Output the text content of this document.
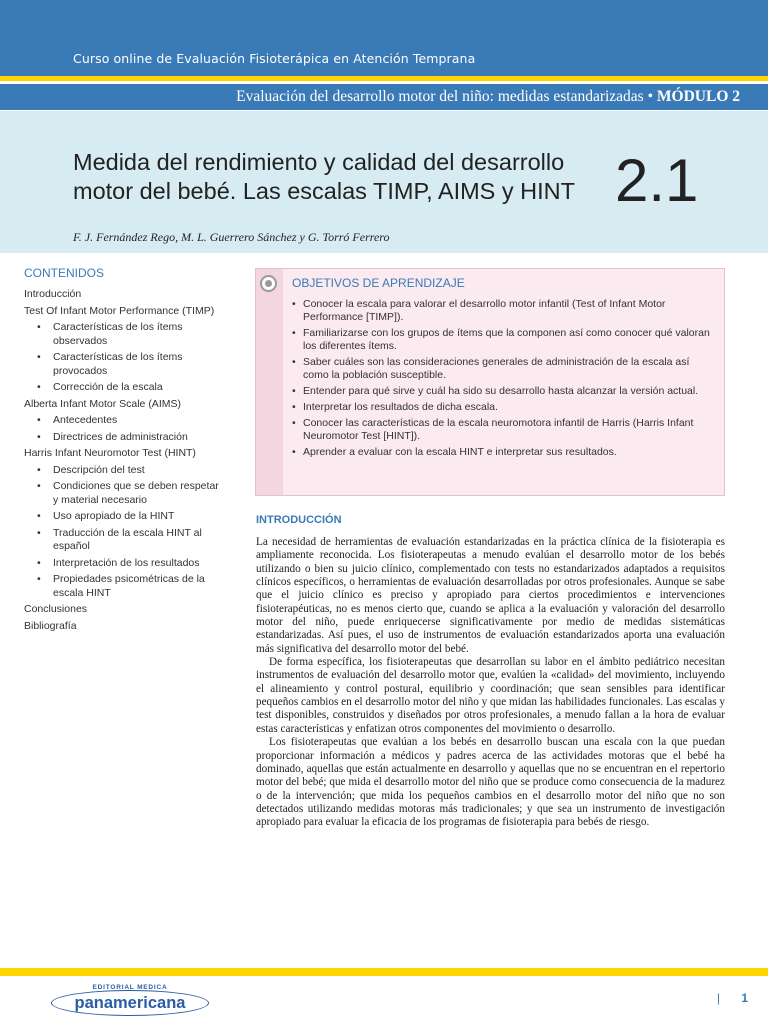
Curso online de Evaluación Fisioterápica en Atención Temprana
Evaluación del desarrollo motor del niño: medidas estandarizadas • MÓDULO 2
Medida del rendimiento y calidad del desarrollo
motor del bebé. Las escalas TIMP, AIMS y HINT 2.1
F. J. Fernández Rego, M. L. Guerrero Sánchez y G. Torró Ferrero
CONTENIDOS
Introducción
Test Of Infant Motor Performance (TIMP)
• Características de los ítems observados
• Características de los ítems provocados
• Corrección de la escala
Alberta Infant Motor Scale (AIMS)
• Antecedentes
• Directrices de administración
Harris Infant Neuromotor Test (HINT)
• Descripción del test
• Condiciones que se deben respetar y material necesario
• Uso apropiado de la HINT
• Traducción de la escala HINT al español
• Interpretación de los resultados
• Propiedades psicométricas de la escala HINT
Conclusiones
Bibliografía
OBJETIVOS DE APRENDIZAJE
• Conocer la escala para valorar el desarrollo motor infantil (Test of Infant Motor Performance [TIMP]).
• Familiarizarse con los grupos de ítems que la componen así como conocer qué valoran los diferentes ítems.
• Saber cuáles son las consideraciones generales de administración de la escala así como la población susceptible.
• Entender para qué sirve y cuál ha sido su desarrollo hasta alcanzar la versión actual.
• Interpretar los resultados de dicha escala.
• Conocer las características de la escala neuromotora infantil de Harris (Harris Infant Neuromotor Test [HINT]).
• Aprender a evaluar con la escala HINT e interpretar sus resultados.
INTRODUCCIÓN

La necesidad de herramientas de evaluación estandarizadas en la práctica clínica de la fisioterapia es ampliamente reconocida. Los fisioterapeutas a menudo evalúan el desarrollo motor de los bebés utilizando o bien su juicio clínico, complementado con tests no estandarizados adaptados a requisitos clínicos específicos, o herramientas de evaluación desarrolladas por otros profesionales. Aunque se sabe que el juicio clínico es preciso y apropiado para ciertos procedimientos e intervenciones fisioterapéuticas, no es menos cierto que, cuando se aplica a la evaluación y valoración del desarrollo motor del niño, puede enriquecerse significativamente por medio de medidas sistemáticas estandarizadas. Así pues, el uso de instrumentos de evaluación estandarizados aporta una evaluación más significativa del desarrollo motor del bebé.

De forma específica, los fisioterapeutas que desarrollan su labor en el ámbito pediátrico necesitan instrumentos de evaluación del desarrollo motor que, evalúen la «calidad» del movimiento, incluyendo el alineamiento y control postural, equilibrio y coordinación; que sean sensibles para identificar pequeños cambios en el desarrollo motor del niño y que midan las habilidades funcionales. Las escalas y test disponibles, construidos y diseñados por otros profesionales, a menudo fallan a la hora de evaluar estas características y enfatizan otros componentes del movimiento o desarrollo.

Los fisioterapeutas que evalúan a los bebés en desarrollo buscan una escala con la que puedan proporcionar información a médicos y padres acerca de las actividades motoras que el bebé ha dominado, aquellas que están actualmente en desarrollo y aquellas que no se encuentran en el repertorio motor del bebé; que mida el desarrollo motor del niño que se produce como consecuencia de la madurez o de la intervención; que mida los pequeños cambios en el desarrollo motor del niño que no son detectados utilizando medidas motoras más tradicionales; y que sea un instrumento de investigación apropiado para evaluar la eficacia de los programas de fisioterapia para bebés de riesgo.

EDITORIAL MEDICA
panamericana	| 1
